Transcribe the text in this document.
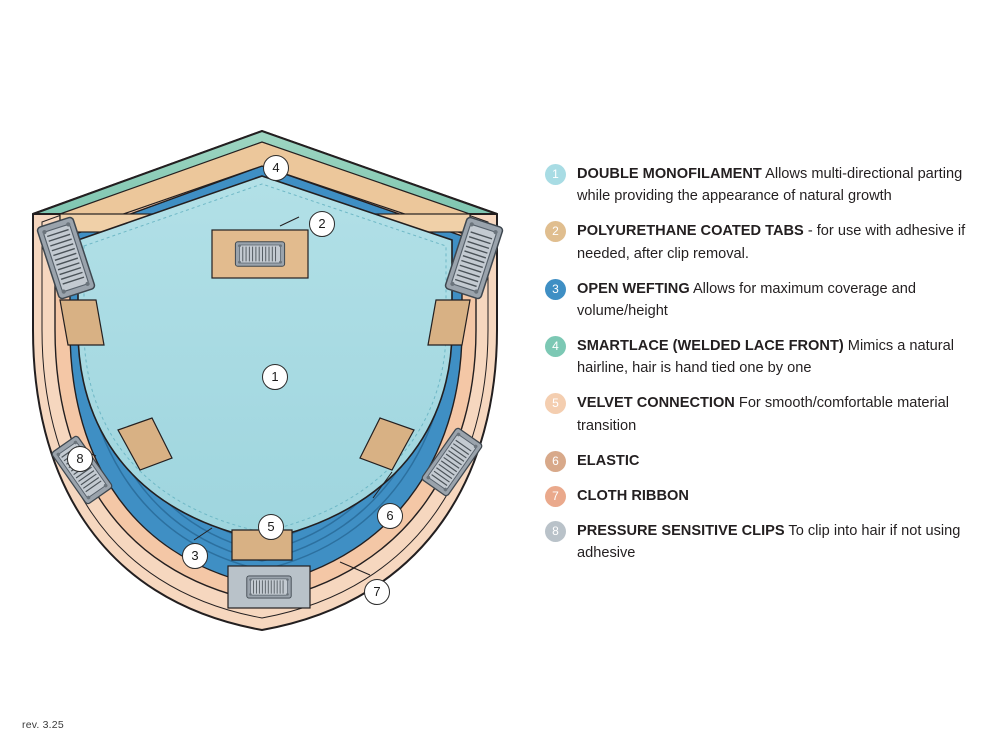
1
2
3
4
5
6
7
8
1	DOUBLE MONOFILAMENT Allows multi-directional parting while providing the appearance of natural growth
2	POLYURETHANE COATED TABS - for use with adhesive if needed, after clip removal.
3	OPEN WEFTING Allows for maximum coverage and volume/height
4	SMARTLACE (WELDED LACE FRONT) Mimics a natural hairline, hair is hand tied one by one
5	VELVET CONNECTION For smooth/comfortable material transition
6	ELASTIC
7	CLOTH RIBBON
8	PRESSURE SENSITIVE CLIPS To clip into hair if not using adhesive
rev. 3.25
